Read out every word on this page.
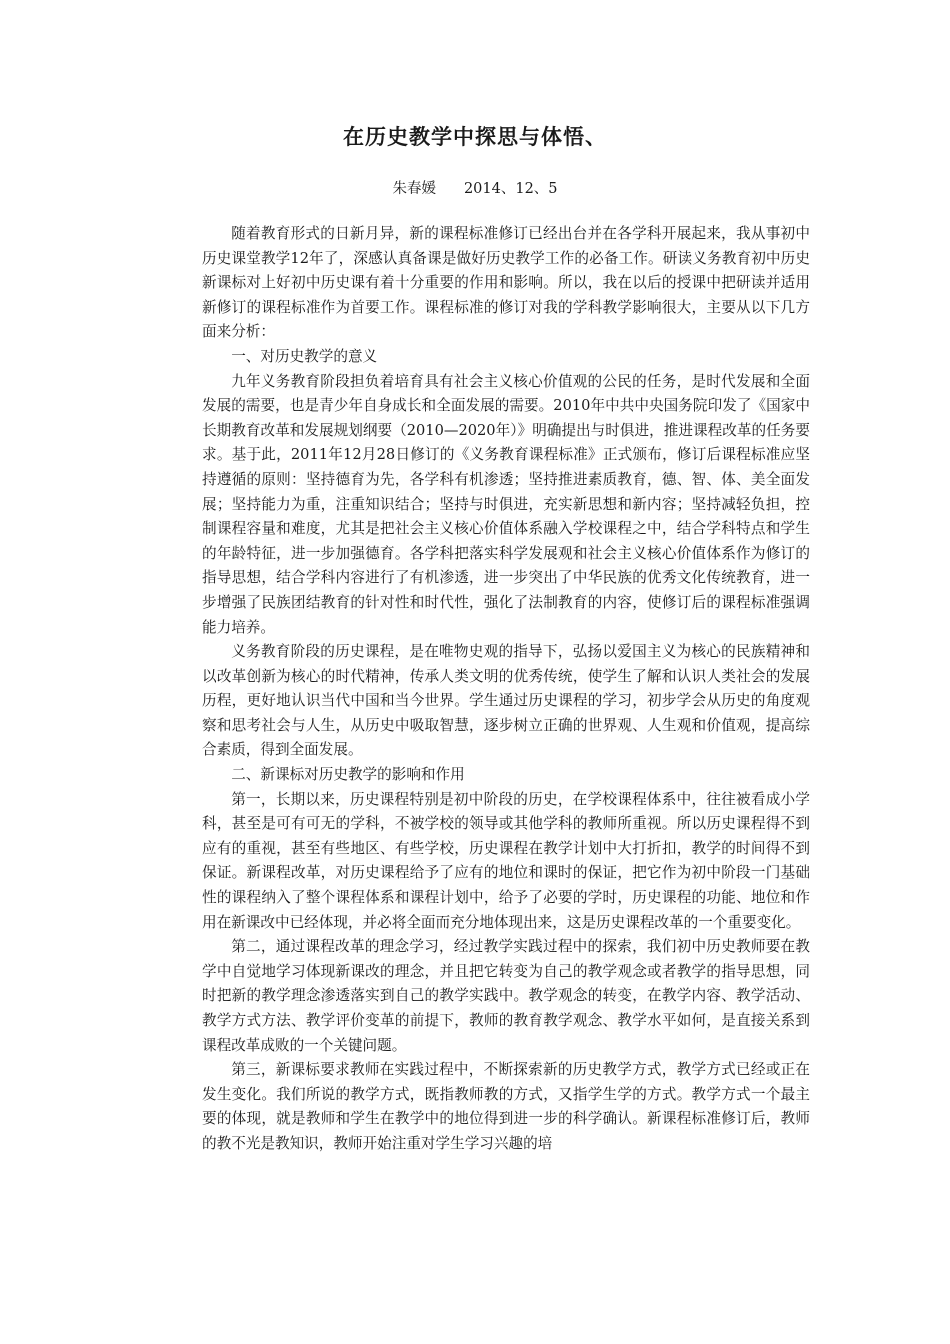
在历史教学中探思与体悟、
朱春媛 2014、12、5

随着教育形式的日新月异，新的课程标准修订已经出台并在各学科开展起来，我从事初中历史课堂教学12年了，深感认真备课是做好历史教学工作的必备工作。研读义务教育初中历史新课标对上好初中历史课有着十分重要的作用和影响。所以，我在以后的授课中把研读并适用新修订的课程标准作为首要工作。课程标准的修订对我的学科教学影响很大，主要从以下几方面来分析：

一、对历史教学的意义

九年义务教育阶段担负着培育具有社会主义核心价值观的公民的任务，是时代发展和全面发展的需要，也是青少年自身成长和全面发展的需要。2010年中共中央国务院印发了《国家中长期教育改革和发展规划纲要（2010—2020年）》明确提出与时俱进，推进课程改革的任务要求。基于此，2011年12月28日修订的《义务教育课程标准》正式颁布，修订后课程标准应坚持遵循的原则：坚持德育为先，各学科有机渗透；坚持推进素质教育，德、智、体、美全面发展；坚持能力为重，注重知识结合；坚持与时俱进，充实新思想和新内容；坚持减轻负担，控制课程容量和难度，尤其是把社会主义核心价值体系融入学校课程之中，结合学科特点和学生的年龄特征，进一步加强德育。各学科把落实科学发展观和社会主义核心价值体系作为修订的指导思想，结合学科内容进行了有机渗透，进一步突出了中华民族的优秀文化传统教育，进一步增强了民族团结教育的针对性和时代性，强化了法制教育的内容，使修订后的课程标准强调能力培养。

义务教育阶段的历史课程，是在唯物史观的指导下，弘扬以爱国主义为核心的民族精神和以改革创新为核心的时代精神，传承人类文明的优秀传统，使学生了解和认识人类社会的发展历程，更好地认识当代中国和当今世界。学生通过历史课程的学习，初步学会从历史的角度观察和思考社会与人生，从历史中吸取智慧，逐步树立正确的世界观、人生观和价值观，提高综合素质，得到全面发展。

二、新课标对历史教学的影响和作用

第一，长期以来，历史课程特别是初中阶段的历史，在学校课程体系中，往往被看成小学科，甚至是可有可无的学科，不被学校的领导或其他学科的教师所重视。所以历史课程得不到应有的重视，甚至有些地区、有些学校，历史课程在教学计划中大打折扣，教学的时间得不到保证。新课程改革，对历史课程给予了应有的地位和课时的保证，把它作为初中阶段一门基础性的课程纳入了整个课程体系和课程计划中，给予了必要的学时，历史课程的功能、地位和作用在新课改中已经体现，并必将全面而充分地体现出来，这是历史课程改革的一个重要变化。

第二，通过课程改革的理念学习，经过教学实践过程中的探索，我们初中历史教师要在教学中自觉地学习体现新课改的理念，并且把它转变为自己的教学观念或者教学的指导思想，同时把新的教学理念渗透落实到自己的教学实践中。教学观念的转变，在教学内容、教学活动、教学方式方法、教学评价变革的前提下，教师的教育教学观念、教学水平如何，是直接关系到课程改革成败的一个关键问题。

第三，新课标要求教师在实践过程中，不断探索新的历史教学方式，教学方式已经或正在发生变化。我们所说的教学方式，既指教师教的方式，又指学生学的方式。教学方式一个最主要的体现，就是教师和学生在教学中的地位得到进一步的科学确认。新课程标准修订后，教师的教不光是教知识，教师开始注重对学生学习兴趣的培
